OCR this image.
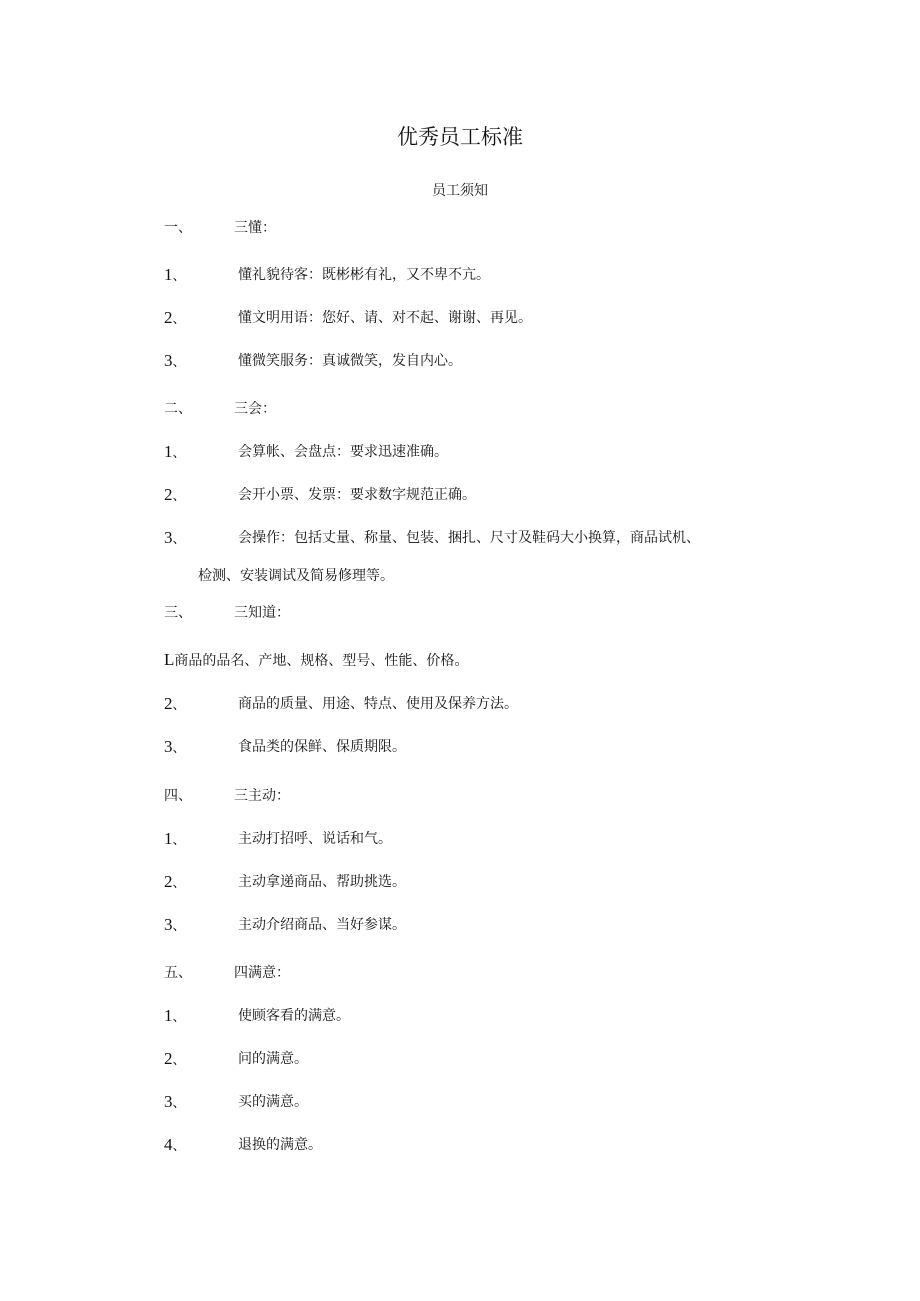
优秀员工标准
员工须知
一、	三懂：
1、	懂礼貌待客：既彬彬有礼，又不卑不亢。
2、	懂文明用语：您好、请、对不起、谢谢、再见。
3、	懂微笑服务：真诚微笑，发自内心。
二、	三会：
1、	会算帐、会盘点：要求迅速准确。
2、	会开小票、发票：要求数字规范正确。
3、	会操作：包括丈量、称量、包装、捆扎、尺寸及鞋码大小换算，商品试机、
检测、安装调试及简易修理等。
三、	三知道：
L商品的品名、产地、规格、型号、性能、价格。
2、	商品的质量、用途、特点、使用及保养方法。
3、	食品类的保鲜、保质期限。
四、	三主动：
1、	主动打招呼、说话和气。
2、	主动拿递商品、帮助挑选。
3、	主动介绍商品、当好参谋。
五、	四满意：
1、	使顾客看的满意。
2、	问的满意。
3、	买的满意。
4、	退换的满意。
